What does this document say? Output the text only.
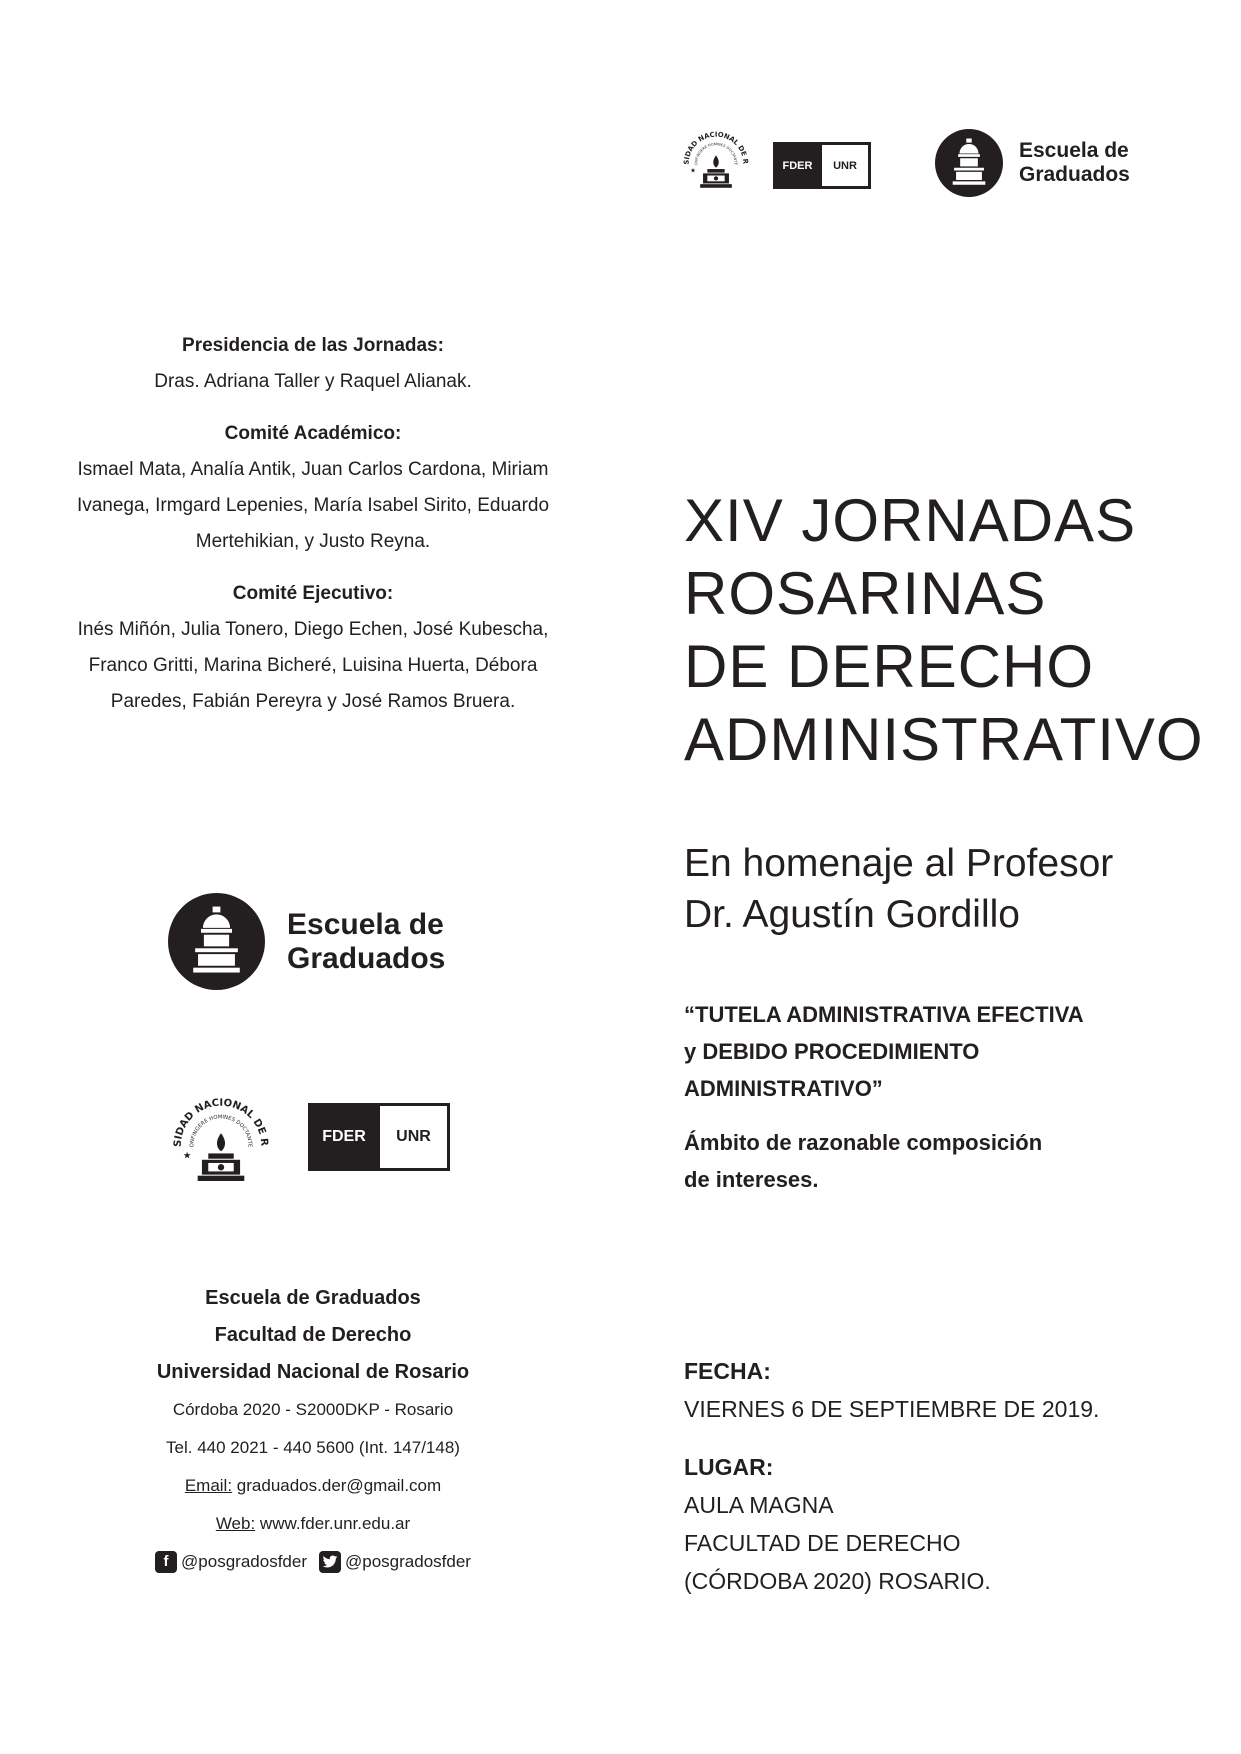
SIDAD NACIONAL DE R
ONFINGERE HOMINES DOCTANTE
★	FDER	UNR
Escuela de
Graduados

Presidencia de las Jornadas:

Dras. Adriana Taller y Raquel Alianak.

Comité Académico:

Ismael Mata, Analía Antik, Juan Carlos Cardona, Miriam Ivanega, Irmgard Lepenies, María Isabel Sirito, Eduardo Mertehikian, y Justo Reyna.

Comité Ejecutivo:

Inés Miñón, Julia Tonero, Diego Echen, José Kubescha, Franco Gritti, Marina Bicheré, Luisina Huerta, Débora Paredes, Fabián Pereyra y José Ramos Bruera.

Escuela de
Graduados
SIDAD NACIONAL DE R
ONFINGERE HOMINES DOCTANTE
★
FDER	UNR
Escuela de Graduados
Facultad de Derecho
Universidad Nacional de Rosario
Córdoba 2020 - S2000DKP - Rosario
Tel. 440 2021 - 440 5600 (Int. 147/148)
Email: graduados.der@gmail.com
Web: www.fder.unr.edu.ar
f @posgradosfder @posgradosfder
XIV JORNADAS
ROSARINAS
DE DERECHO
ADMINISTRATIVO
En homenaje al Profesor
Dr. Agustín Gordillo
“TUTELA ADMINISTRATIVA EFECTIVA
y DEBIDO PROCEDIMIENTO
ADMINISTRATIVO”
Ámbito de razonable composición
de intereses.
FECHA:
VIERNES 6 DE SEPTIEMBRE DE 2019.
LUGAR:
AULA MAGNA
FACULTAD DE DERECHO
(CÓRDOBA 2020) ROSARIO.
